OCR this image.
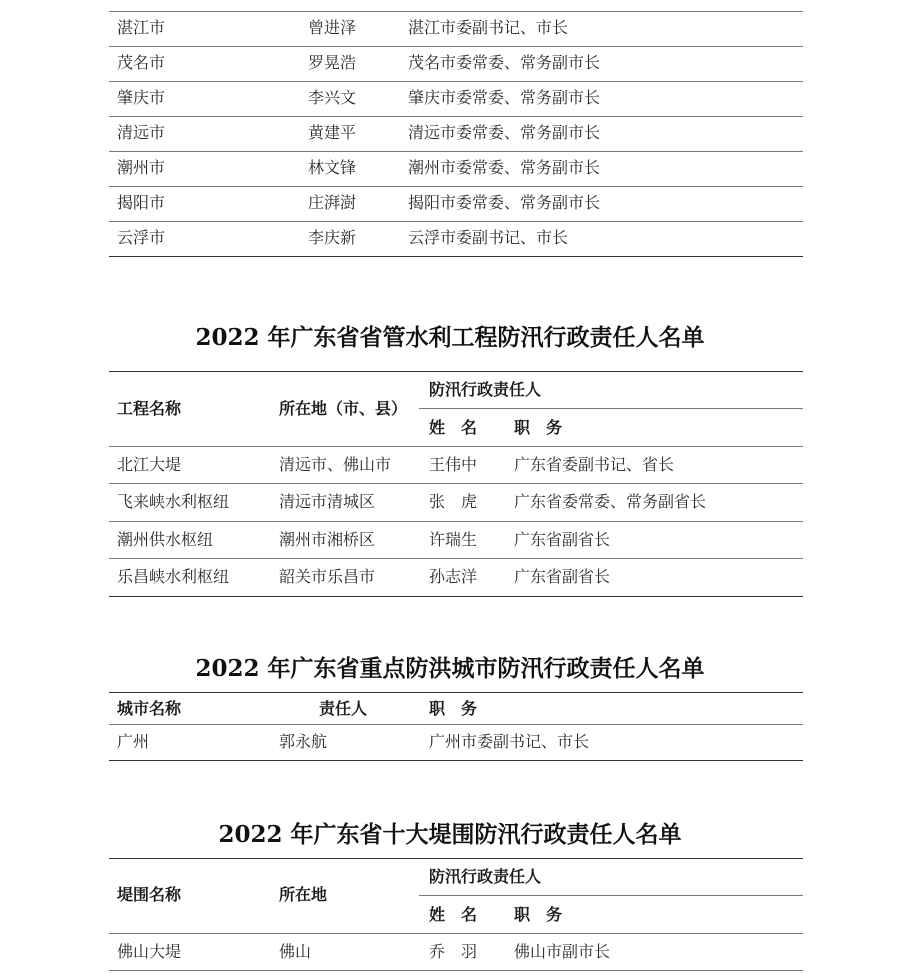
湛江市	曾进泽	湛江市委副书记、市长
茂名市	罗晃浩	茂名市委常委、常务副市长
肇庆市	李兴文	肇庆市委常委、常务副市长
清远市	黄建平	清远市委常委、常务副市长
潮州市	林文锋	潮州市委常委、常务副市长
揭阳市	庄湃澍	揭阳市委常委、常务副市长
云浮市	李庆新	云浮市委副书记、市长
2022 年广东省省管水利工程防汛行政责任人名单
工程名称	所在地（市、县）
防汛行政责任人
姓　名 职　务
北江大堤	清远市、佛山市 王伟中 广东省委副书记、省长
飞来峡水利枢纽	清远市清城区	张　虎 广东省委常委、常务副省长
潮州供水枢纽	潮州市湘桥区	许瑞生 广东省副省长
乐昌峡水利枢纽	韶关市乐昌市	孙志洋 广东省副省长
2022 年广东省重点防洪城市防汛行政责任人名单
城市名称	责任人	职　务
广州	郭永航	广州市委副书记、市长
2022 年广东省十大堤围防汛行政责任人名单
堤围名称	所在地
防汛行政责任人
姓　名 职　务
佛山大堤	佛山	乔　羽 佛山市副市长
